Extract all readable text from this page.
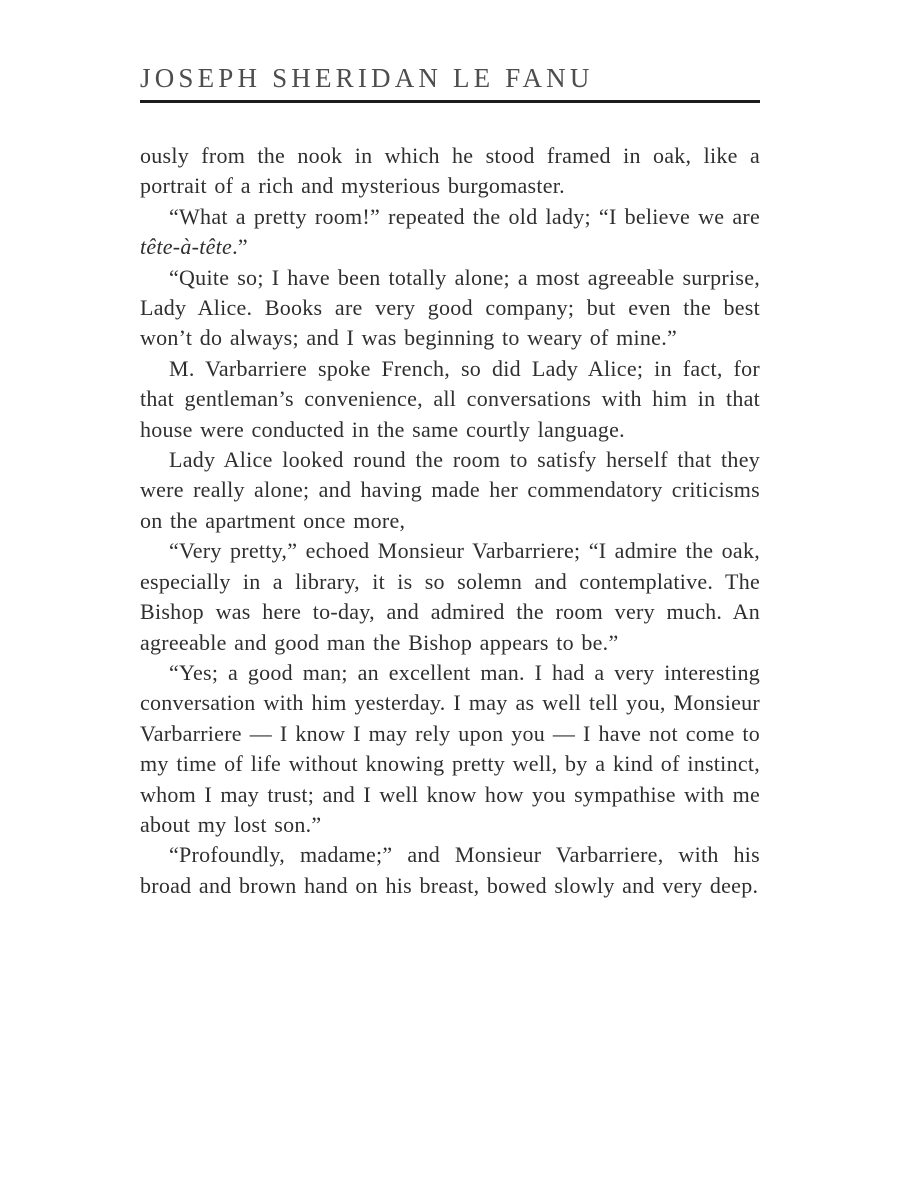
JOSEPH SHERIDAN LE FANU

ously from the nook in which he stood framed in oak, like a portrait of a rich and mysterious burgomaster.

“What a pretty room!” repeated the old lady; “I believe we are tête-à-tête.”

“Quite so; I have been totally alone; a most agreeable surprise, Lady Alice. Books are very good company; but even the best won’t do always; and I was beginning to weary of mine.”

M. Varbarriere spoke French, so did Lady Alice; in fact, for that gentleman’s convenience, all conversations with him in that house were conducted in the same courtly language.

Lady Alice looked round the room to satisfy herself that they were really alone; and having made her commendatory criticisms on the apartment once more,

“Very pretty,” echoed Monsieur Varbarriere; “I admire the oak, especially in a library, it is so solemn and contemplative. The Bishop was here to-day, and admired the room very much. An agreeable and good man the Bishop appears to be.”

“Yes; a good man; an excellent man. I had a very interesting conversation with him yesterday. I may as well tell you, Monsieur Varbarriere — I know I may rely upon you — I have not come to my time of life without knowing pretty well, by a kind of instinct, whom I may trust; and I well know how you sympathise with me about my lost son.”

“Profoundly, madame;” and Monsieur Varbarriere, with his broad and brown hand on his breast, bowed slowly and very deep.
